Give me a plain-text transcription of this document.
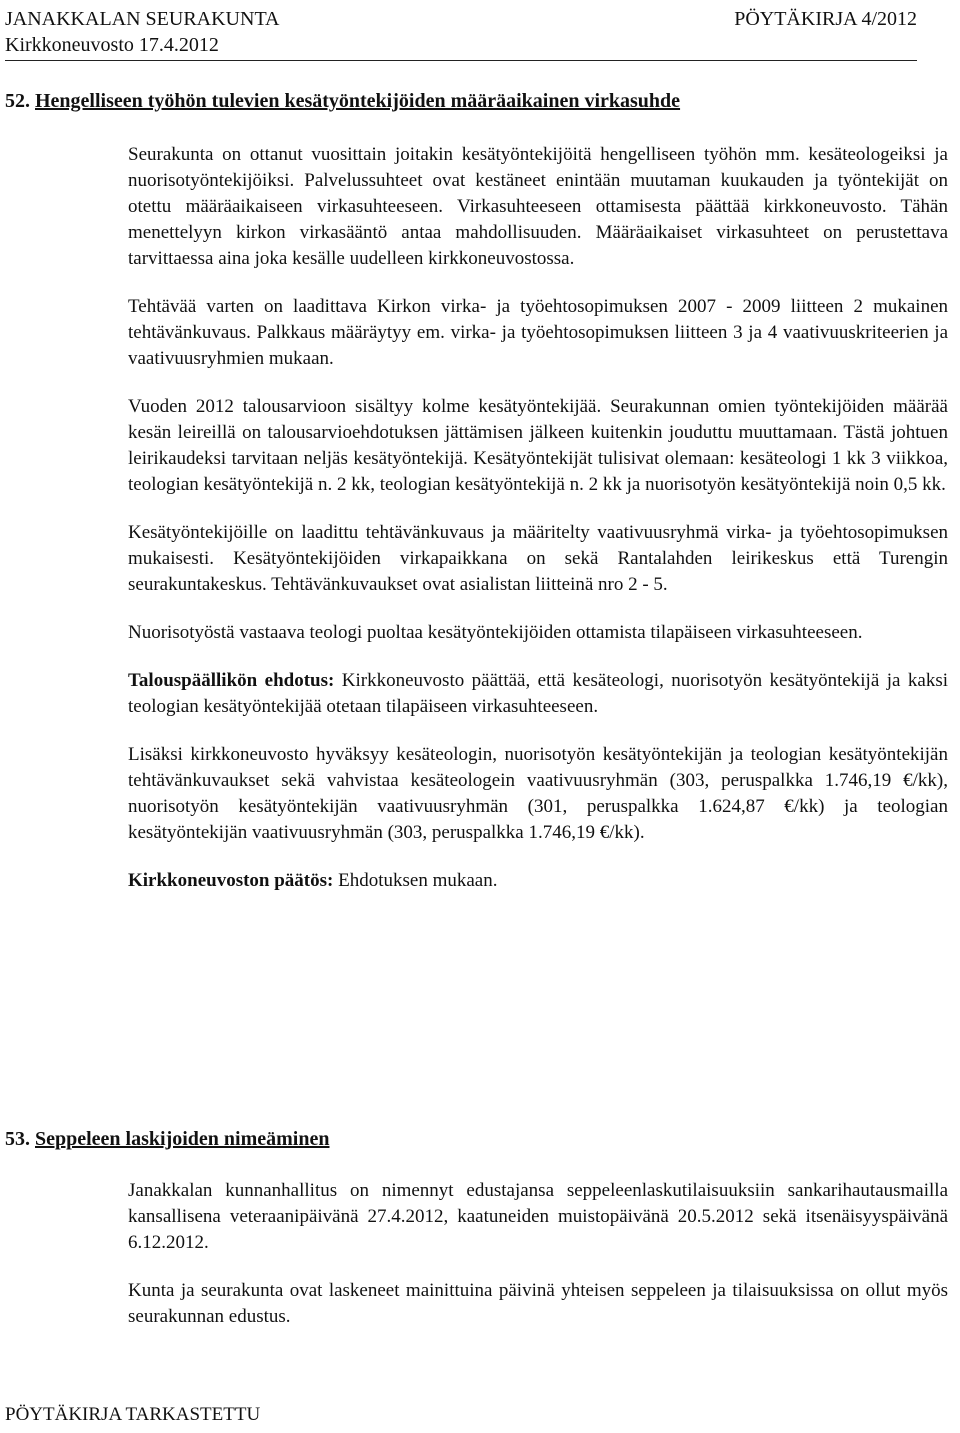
JANAKKALAN SEURAKUNTA	PÖYTÄKIRJA 4/2012
Kirkkoneuvosto 17.4.2012
52. Hengelliseen työhön tulevien kesätyöntekijöiden määräaikainen virkasuhde

Seurakunta on ottanut vuosittain joitakin kesätyöntekijöitä hengelliseen työhön mm. kesäteologeiksi ja nuorisotyöntekijöiksi. Palvelussuhteet ovat kestäneet enintään muutaman kuukauden ja työntekijät on otettu määräaikaiseen virkasuhteeseen. Virkasuhteeseen ottamisesta päättää kirkkoneuvosto. Tähän menettelyyn kirkon virkasääntö antaa mahdollisuuden. Määräaikaiset virkasuhteet on perustettava tarvittaessa aina joka kesälle uudelleen kirkkoneuvostossa.

Tehtävää varten on laadittava Kirkon virka- ja työehtosopimuksen 2007 - 2009 liitteen 2 mukainen tehtävänkuvaus. Palkkaus määräytyy em. virka- ja työehtosopimuksen liitteen 3 ja 4 vaativuuskriteerien ja vaativuusryhmien mukaan.

Vuoden 2012 talousarvioon sisältyy kolme kesätyöntekijää. Seurakunnan omien työntekijöiden määrää kesän leireillä on talousarvioehdotuksen jättämisen jälkeen kuitenkin jouduttu muuttamaan. Tästä johtuen leirikaudeksi tarvitaan neljäs kesätyöntekijä. Kesätyöntekijät tulisivat olemaan: kesäteologi 1 kk 3 viikkoa, teologian kesätyöntekijä n. 2 kk, teologian kesätyöntekijä n. 2 kk ja nuorisotyön kesätyöntekijä noin 0,5 kk.

Kesätyöntekijöille on laadittu tehtävänkuvaus ja määritelty vaativuusryhmä virka- ja työehtosopimuksen mukaisesti. Kesätyöntekijöiden virkapaikkana on sekä Rantalahden leirikeskus että Turengin seurakuntakeskus. Tehtävänkuvaukset ovat asialistan liitteinä nro 2 - 5.

Nuorisotyöstä vastaava teologi puoltaa kesätyöntekijöiden ottamista tilapäiseen virkasuhteeseen.

Talouspäällikön ehdotus: Kirkkoneuvosto päättää, että kesäteologi, nuorisotyön kesätyöntekijä ja kaksi teologian kesätyöntekijää otetaan tilapäiseen virkasuhteeseen.

Lisäksi kirkkoneuvosto hyväksyy kesäteologin, nuorisotyön kesätyöntekijän ja teologian kesätyöntekijän tehtävänkuvaukset sekä vahvistaa kesäteologein vaativuusryhmän (303, peruspalkka 1.746,19 €/kk), nuorisotyön kesätyöntekijän vaativuusryhmän (301, peruspalkka 1.624,87 €/kk) ja teologian kesätyöntekijän vaativuusryhmän (303, peruspalkka 1.746,19 €/kk).

Kirkkoneuvoston päätös: Ehdotuksen mukaan.

53. Seppeleen laskijoiden nimeäminen

Janakkalan kunnanhallitus on nimennyt edustajansa seppeleenlaskutilaisuuksiin sankarihautausmailla kansallisena veteraanipäivänä 27.4.2012, kaatuneiden muistopäivänä 20.5.2012 sekä itsenäisyyspäivänä 6.12.2012.

Kunta ja seurakunta ovat laskeneet mainittuina päivinä yhteisen seppeleen ja tilaisuuksissa on ollut myös seurakunnan edustus.

PÖYTÄKIRJA TARKASTETTU
